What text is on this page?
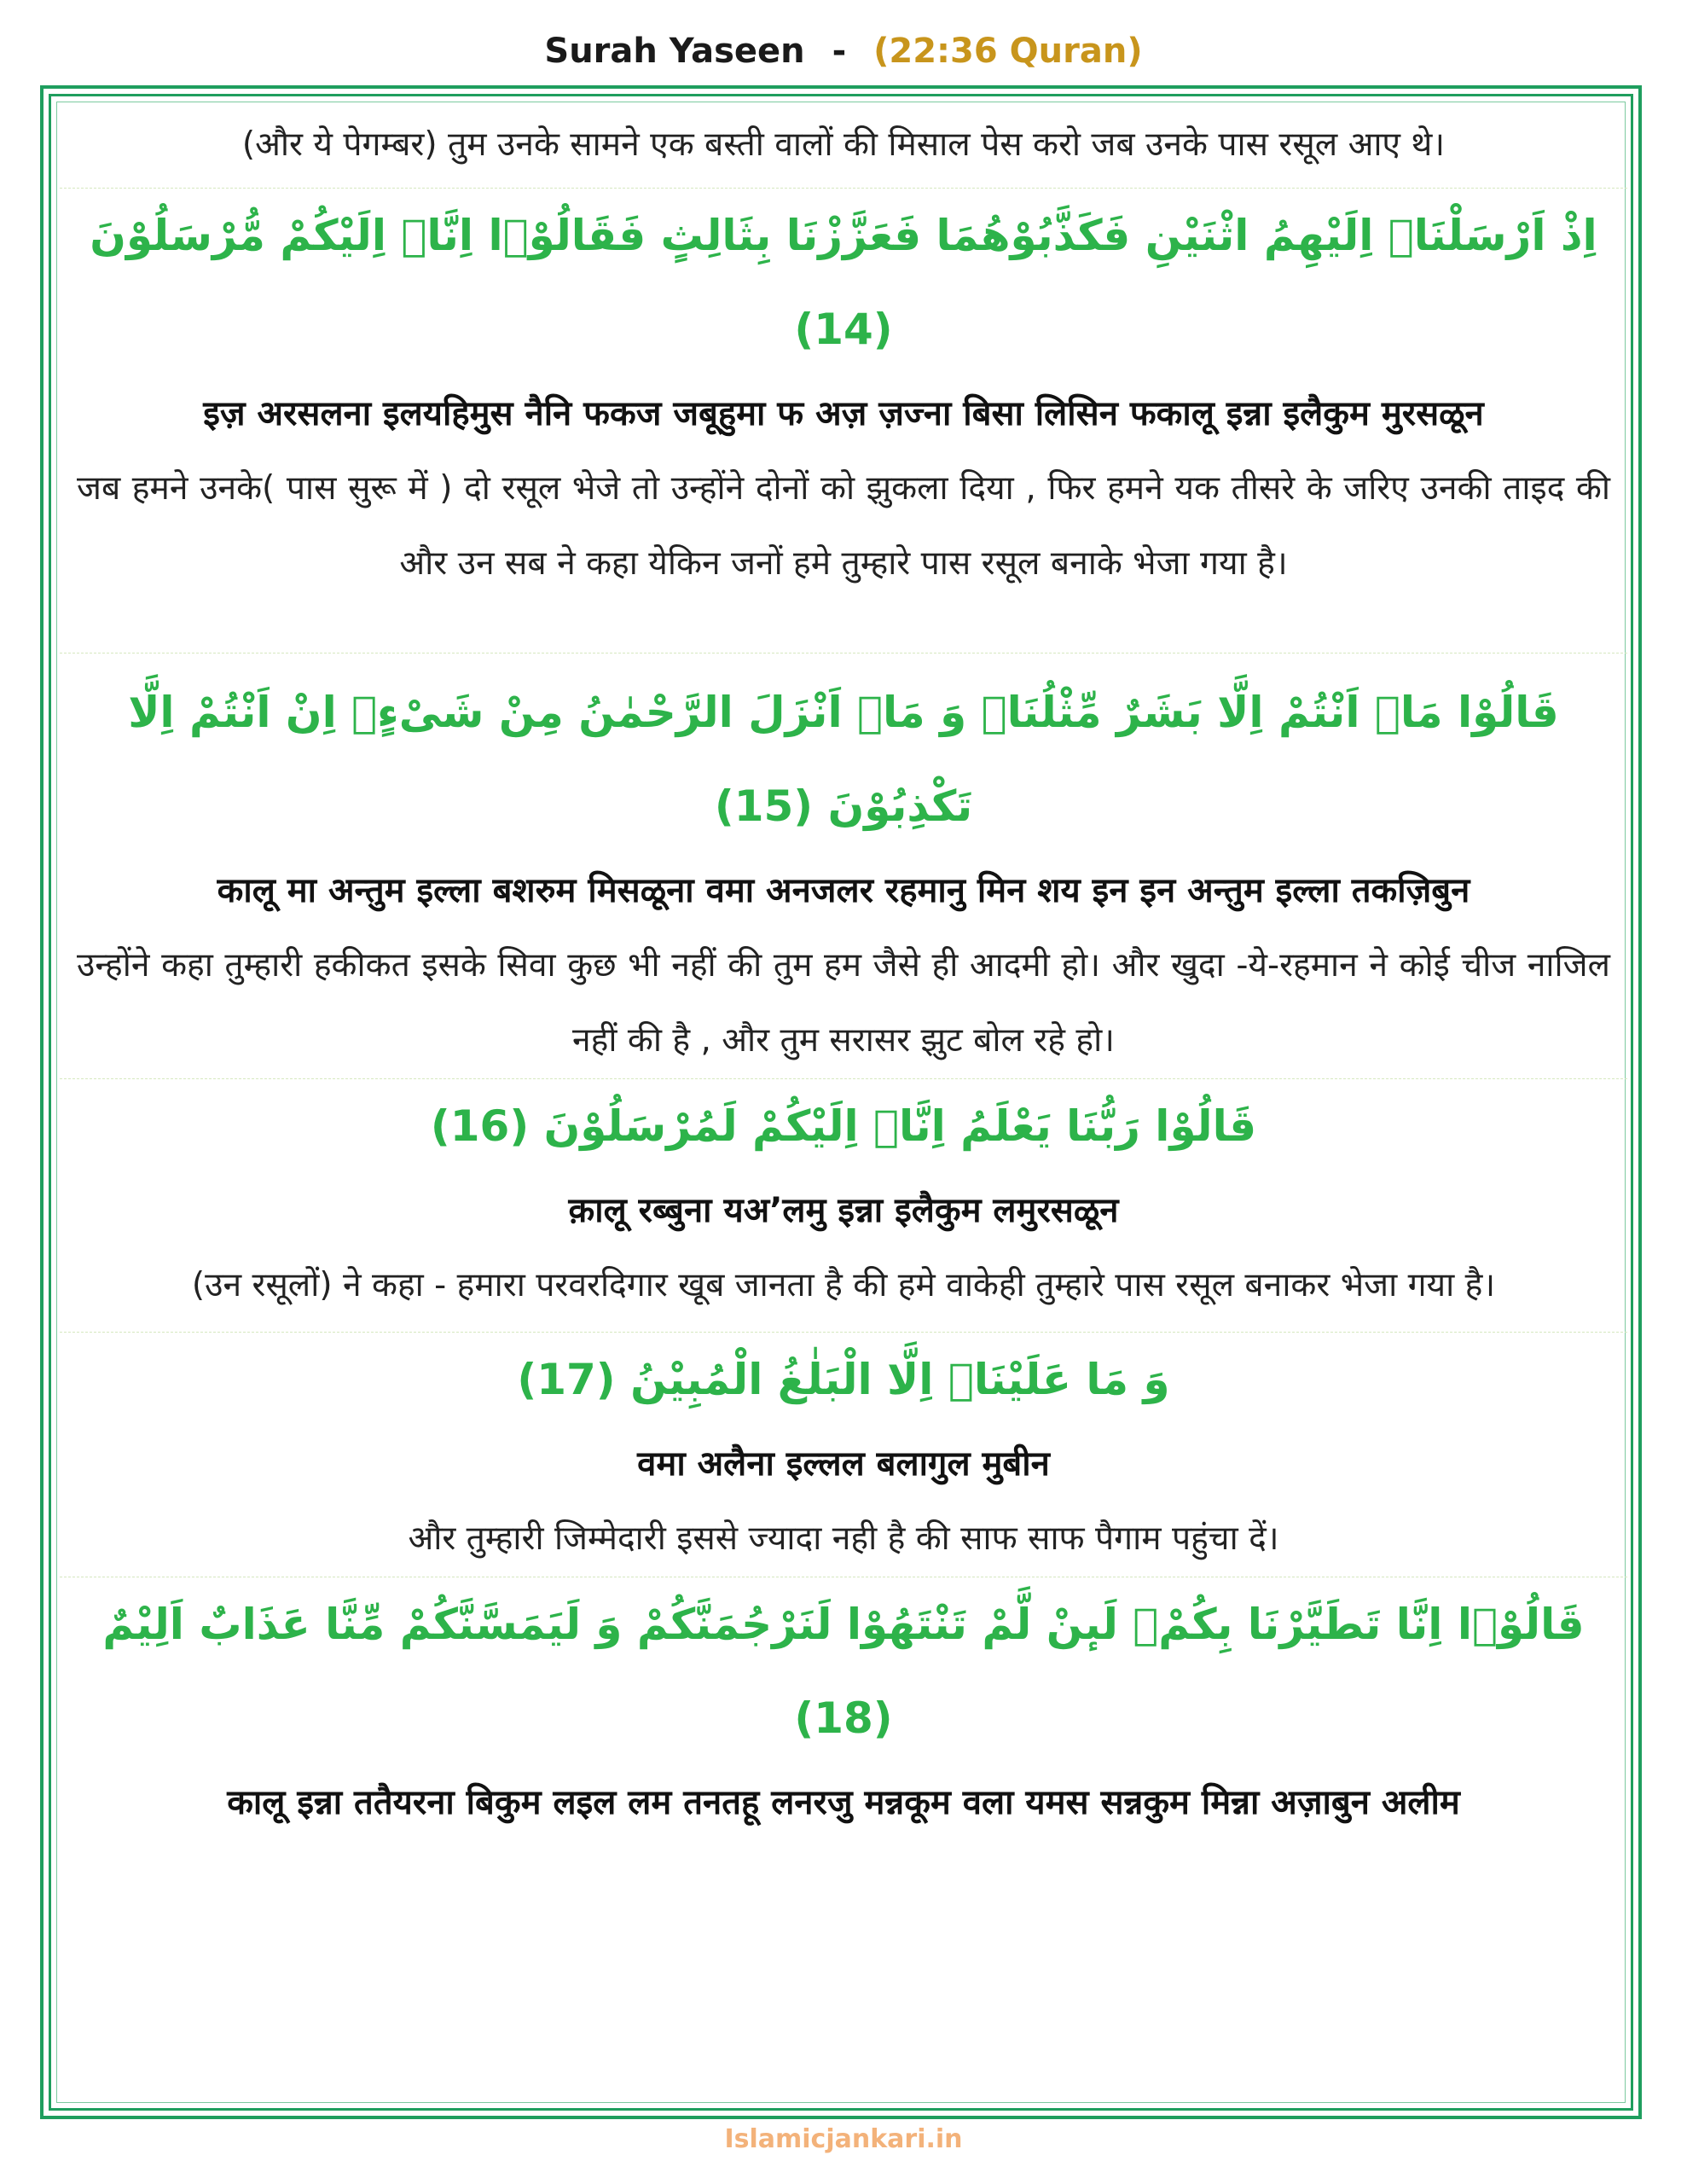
Surah Yaseen - (22:36 Quran)
(और ये पेगम्बर) तुम उनके सामने एक बस्ती वालों की मिसाल पेस करो जब उनके पास रसूल आए थे।
اِذْ اَرْسَلْنَاۤ اِلَیْهِمُ اثْنَیْنِ فَكَذَّبُوْهُمَا فَعَزَّزْنَا بِثَالِثٍ فَقَالُوْۤا اِنَّاۤ اِلَیْكُمْ مُّرْسَلُوْنَ (14)
इज़ अरसलना इलयहिमुस नैनि फकज जबूहुमा फ अज़ ज़ज्ना बिसा लिसिन फकालू इन्ना इलैकुम मुरसळून
जब हमने उनके( पास सुरू में ) दो रसूल भेजे तो उन्होंने दोनों को झुकला दिया , फिर हमने यक तीसरे के जरिए उनकी ताइद की और उन सब ने कहा येकिन जनों हमे तुम्हारे पास रसूल बनाके भेजा गया है।
قَالُوْا مَاۤ اَنْتُمْ اِلَّا بَشَرٌ مِّثْلُنَاۙ وَ مَاۤ اَنْزَلَ الرَّحْمٰنُ مِنْ شَیْءٍۙ اِنْ اَنْتُمْ اِلَّا تَكْذِبُوْنَ (15)
कालू मा अन्तुम इल्ला बशरुम मिसळूना वमा अनजलर रहमानु मिन शय इन इन अन्तुम इल्ला तकज़िबुन
उन्होंने कहा तुम्हारी हकीकत इसके सिवा कुछ भी नहीं की तुम हम जैसे ही आदमी हो। और खुदा -ये-रहमान ने कोई चीज नाजिल नहीं की है , और तुम सरासर झुट बोल रहे हो।
قَالُوْا رَبُّنَا یَعْلَمُ اِنَّاۤ اِلَیْكُمْ لَمُرْسَلُوْنَ (16)
क़ालू रब्बुना यअ’लमु इन्ना इलैकुम लमुरसळून
(उन रसूलों) ने कहा - हमारा परवरदिगार खूब जानता है की हमे वाकेही तुम्हारे पास रसूल बनाकर भेजा गया है।
وَ مَا عَلَیْنَاۤ اِلَّا الْبَلٰغُ الْمُبِیْنُ (17)
वमा अलैना इल्लल बलागुल मुबीन
और तुम्हारी जिम्मेदारी इससे ज्यादा नही है की साफ साफ पैगाम पहुंचा दें।
قَالُوْۤا اِنَّا تَطَیَّرْنَا بِكُمْۚ لَىٕنْ لَّمْ تَنْتَهُوْا لَنَرْجُمَنَّكُمْ وَ لَیَمَسَّنَّكُمْ مِّنَّا عَذَابٌ اَلِیْمٌ (18)
कालू इन्ना ततैयरना बिकुम लइल लम तनतहू लनरजु मन्नकूम वला यमस सन्नकुम मिन्ना अज़ाबुन अलीम
Islamicjankari.in
